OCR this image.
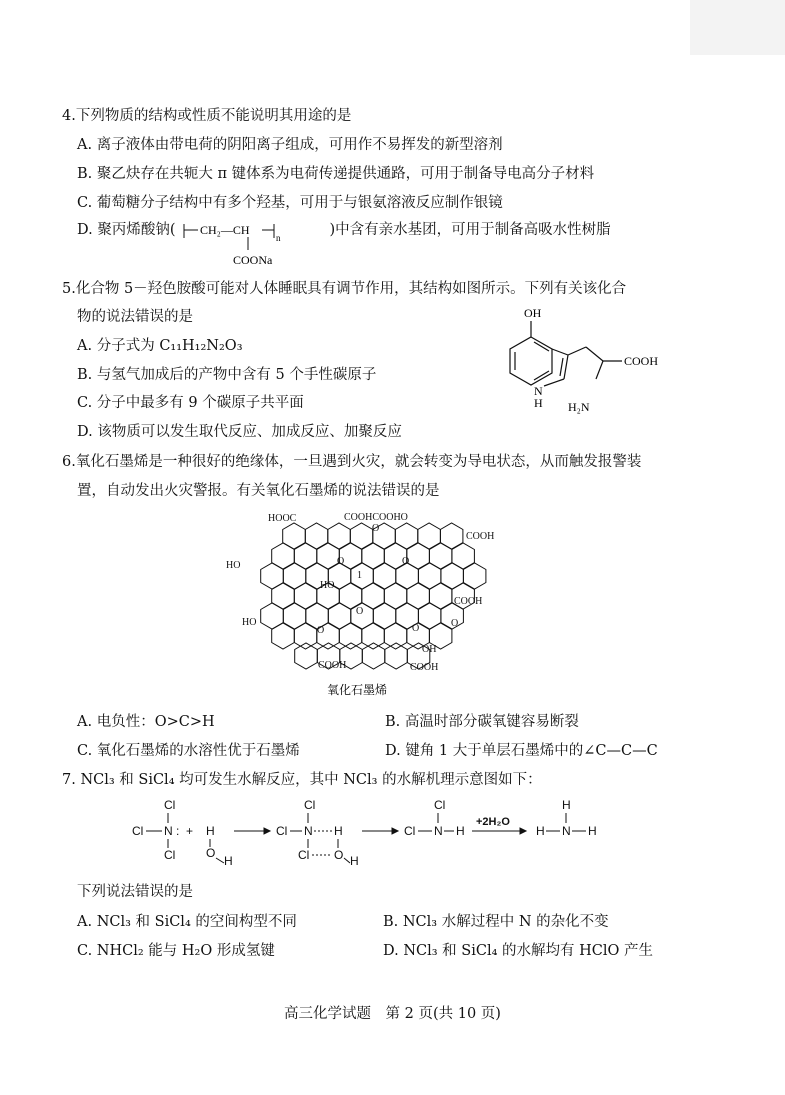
4.下列物质的结构或性质不能说明其用途的是
A. 离子液体由带电荷的阴阳离子组成，可用作不易挥发的新型溶剂
B. 聚乙炔存在共轭大 π 键体系为电荷传递提供通路，可用于制备导电高分子材料
C. 葡萄糖分子结构中有多个羟基，可用于与银氨溶液反应制作银镜
D. 聚丙烯酸钠(	)中含有亲水基团，可用于制备高吸水性树脂
CH₂—CH
n
COONa
5.化合物 5－羟色胺酸可能对人体睡眠具有调节作用，其结构如图所示。下列有关该化合
物的说法错误的是
A. 分子式为 C₁₁H₁₂N₂O₃
B. 与氢气加成后的产物中含有 5 个手性碳原子
C. 分子中最多有 9 个碳原子共平面
D. 该物质可以发生取代反应、加成反应、加聚反应
OH
N
H H₂N
COOH
6.氧化石墨烯是一种很好的绝缘体，一旦遇到火灾，就会转变为导电状态，从而触发报警装
置，自动发出火灾警报。有关氧化石墨烯的说法错误的是
HOOC	COOHCOOHO
COOH
HO
COOH
HO
HO
1
OH
COOH	COOH
O
O	O
O
O	O	O
氧化石墨烯
A. 电负性：O>C>H	B. 高温时部分碳氧键容易断裂
C. 氧化石墨烯的水溶性优于石墨烯	D. 键角 1 大于单层石墨烯中的∠C—C—C
7. NCl₃ 和 SiCl₄ 均可发生水解反应，其中 NCl₃ 的水解机理示意图如下：
Cl
Cl N :
Cl
+ H
O
H
Cl
Cl N H
Cl O H
Cl
Cl N H
+2H₂O
H
H N H
下列说法错误的是
A. NCl₃ 和 SiCl₄ 的空间构型不同	B. NCl₃ 水解过程中 N 的杂化不变
C. NHCl₂ 能与 H₂O 形成氢键	D. NCl₃ 和 SiCl₄ 的水解均有 HClO 产生
高三化学试题　第 2 页(共 10 页)
